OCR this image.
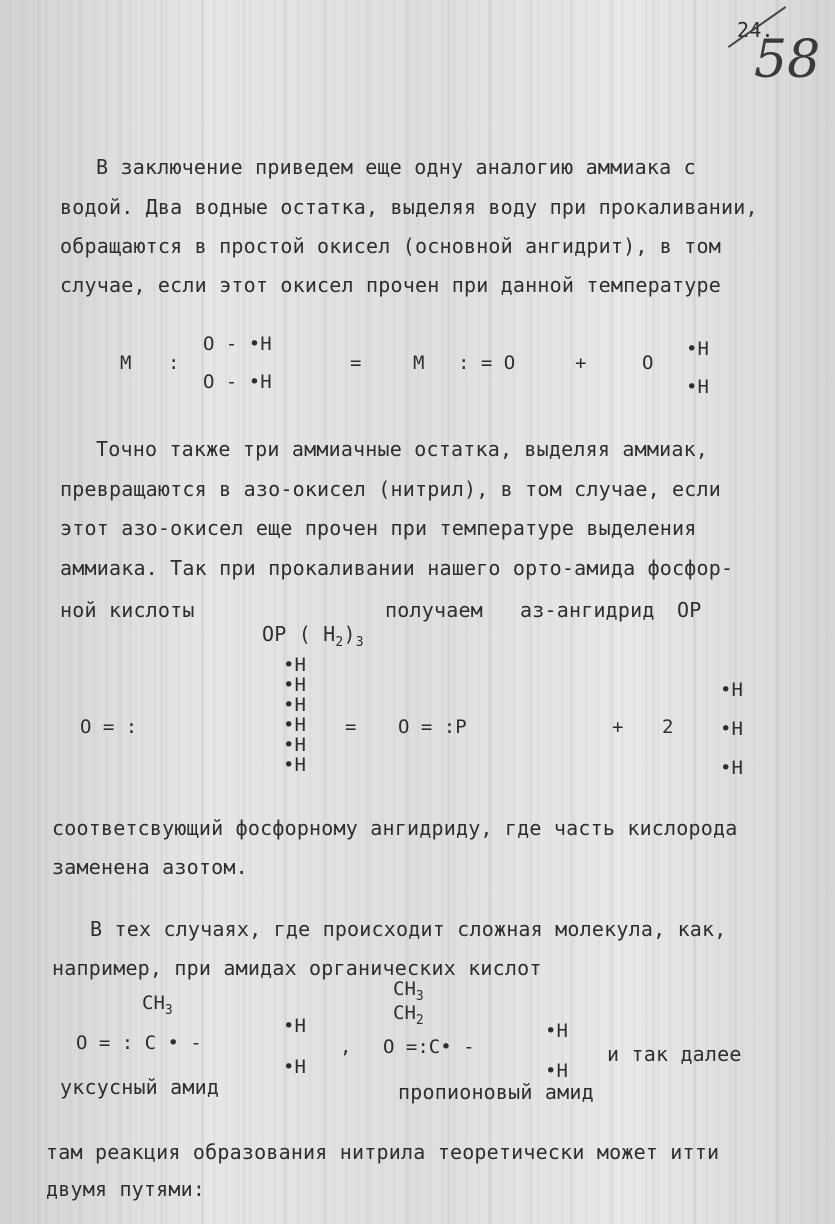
24.
58
В заключение приведем еще одну аналогию аммиака с
водой. Два водные остатка, выделяя воду при прокаливании,
обращаются в простой окисел (основной ангидрит), в том
случае, если этот окисел прочен при данной температуре
M :
O - •H
O - •H
=	M : = O	+	O
•H
•H
Точно также три аммиачные остатка, выделяя аммиак,
превращаются в азо-окисел (нитрил), в том случае, если
этот азо-окисел еще прочен при температуре выделения
аммиака. Так при прокаливании нашего орто-амида фосфор-
ной кислоты

OP ( $H_2)_3$

получаем аз-ангидрид OP
O = :
•H
•H
•H
•H
•H
•H
= O = :P	+ 2
•H
•H
•H
соответсвующий фосфорному ангидриду, где часть кислорода
заменена азотом.
В тех случаях, где происходит сложная молекула, как,
например, при амидах органических кислот
$CH_3$
O = : C • -
•H
•H
,
$CH_3$
$CH_2$
O =:C• -
•H
•H
и так далее
уксусный амид	пропионовый амид
там реакция образования нитрила теоретически может итти
двумя путями:
